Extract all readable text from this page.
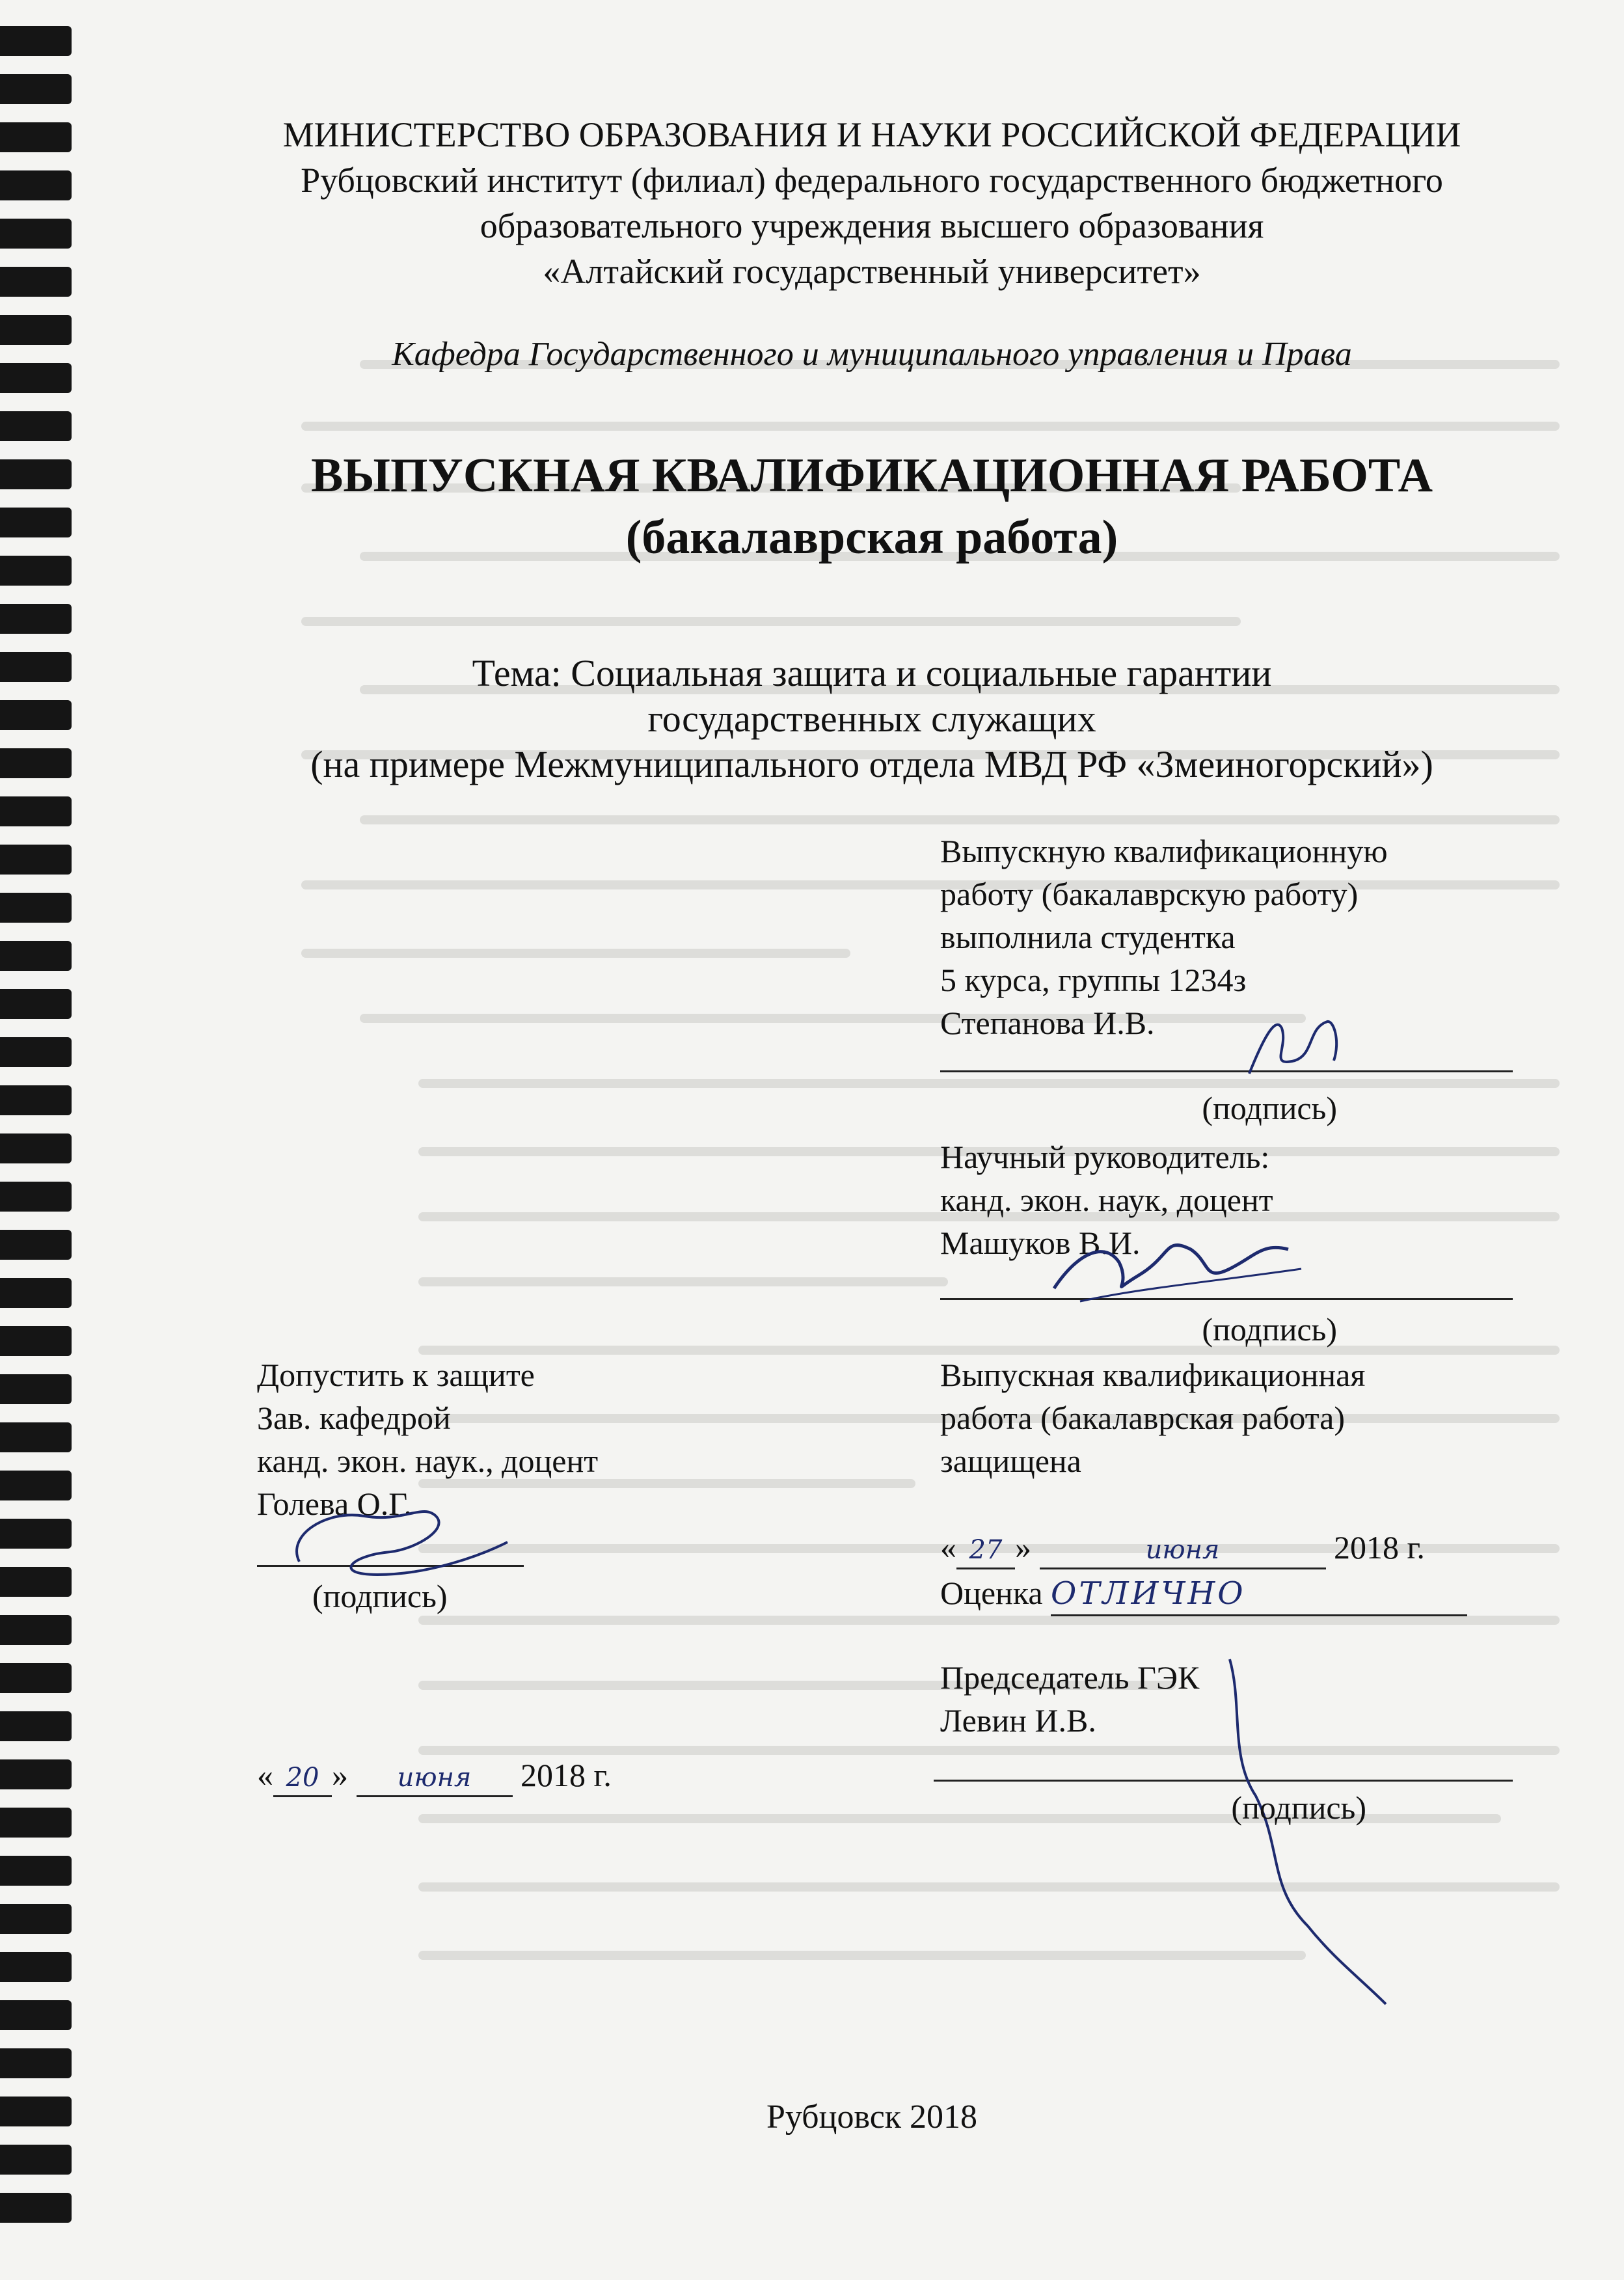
МИНИСТЕРСТВО ОБРАЗОВАНИЯ И НАУКИ РОССИЙСКОЙ ФЕДЕРАЦИИ
Рубцовский институт (филиал) федерального государственного бюджетного
образовательного учреждения высшего образования
«Алтайский государственный университет»
Кафедра Государственного и муниципального управления и Права
ВЫПУСКНАЯ КВАЛИФИКАЦИОННАЯ РАБОТА
(бакалаврская работа)
Тема: Социальная защита и социальные гарантии
государственных служащих
(на примере Межмуниципального отдела МВД РФ «Змеиногорский»)
Выпускную квалификационную
работу (бакалаврскую работу)
выполнила студентка
5 курса, группы 1234з
Степанова И.В.
(подпись)
Научный руководитель:
канд. экон. наук, доцент
Машуков В.И.
(подпись)
Допустить к защите
Зав. кафедрой
канд. экон. наук., доцент
Голева О.Г.
(подпись)
« 20 » июня 2018 г.
Выпускная квалификационная
работа (бакалаврская работа)
защищена
« 27 »	июня	2018 г.
Оценка ОТЛИЧНО
Председатель ГЭК
Левин И.В.
(подпись)
Рубцовск 2018
